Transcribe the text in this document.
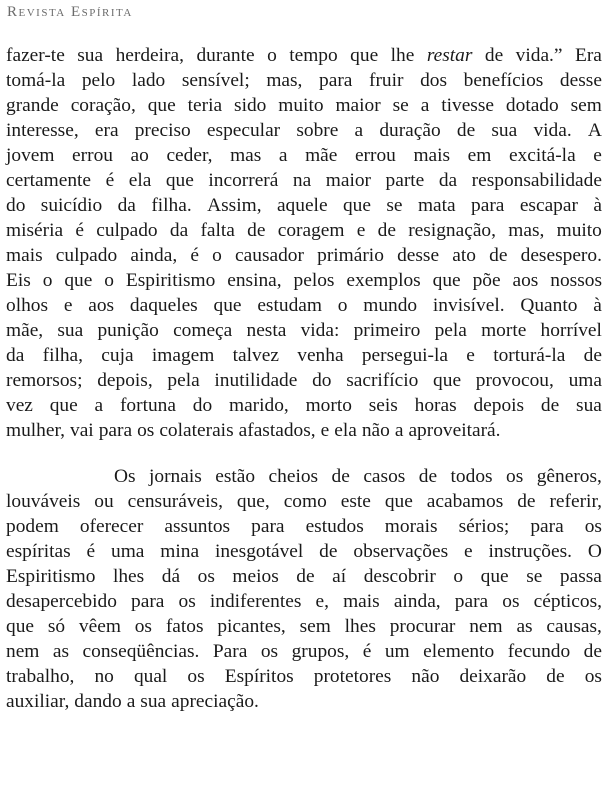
Revista Espírita
fazer-te sua herdeira, durante o tempo que lhe restar de vida.” Era
tomá-la pelo lado sensível; mas, para fruir dos benefícios desse
grande coração, que teria sido muito maior se a tivesse dotado sem
interesse, era preciso especular sobre a duração de sua vida. A
jovem errou ao ceder, mas a mãe errou mais em excitá-la e
certamente é ela que incorrerá na maior parte da responsabilidade
do suicídio da filha. Assim, aquele que se mata para escapar à
miséria é culpado da falta de coragem e de resignação, mas, muito
mais culpado ainda, é o causador primário desse ato de desespero.
Eis o que o Espiritismo ensina, pelos exemplos que põe aos nossos
olhos e aos daqueles que estudam o mundo invisível. Quanto à
mãe, sua punição começa nesta vida: primeiro pela morte horrível
da filha, cuja imagem talvez venha persegui-la e torturá-la de
remorsos; depois, pela inutilidade do sacrifício que provocou, uma
vez que a fortuna do marido, morto seis horas depois de sua
mulher, vai para os colaterais afastados, e ela não a aproveitará.
Os jornais estão cheios de casos de todos os gêneros,
louváveis ou censuráveis, que, como este que acabamos de referir,
podem oferecer assuntos para estudos morais sérios; para os
espíritas é uma mina inesgotável de observações e instruções. O
Espiritismo lhes dá os meios de aí descobrir o que se passa
desapercebido para os indiferentes e, mais ainda, para os cépticos,
que só vêem os fatos picantes, sem lhes procurar nem as causas,
nem as conseqüências. Para os grupos, é um elemento fecundo de
trabalho, no qual os Espíritos protetores não deixarão de os
auxiliar, dando a sua apreciação.
